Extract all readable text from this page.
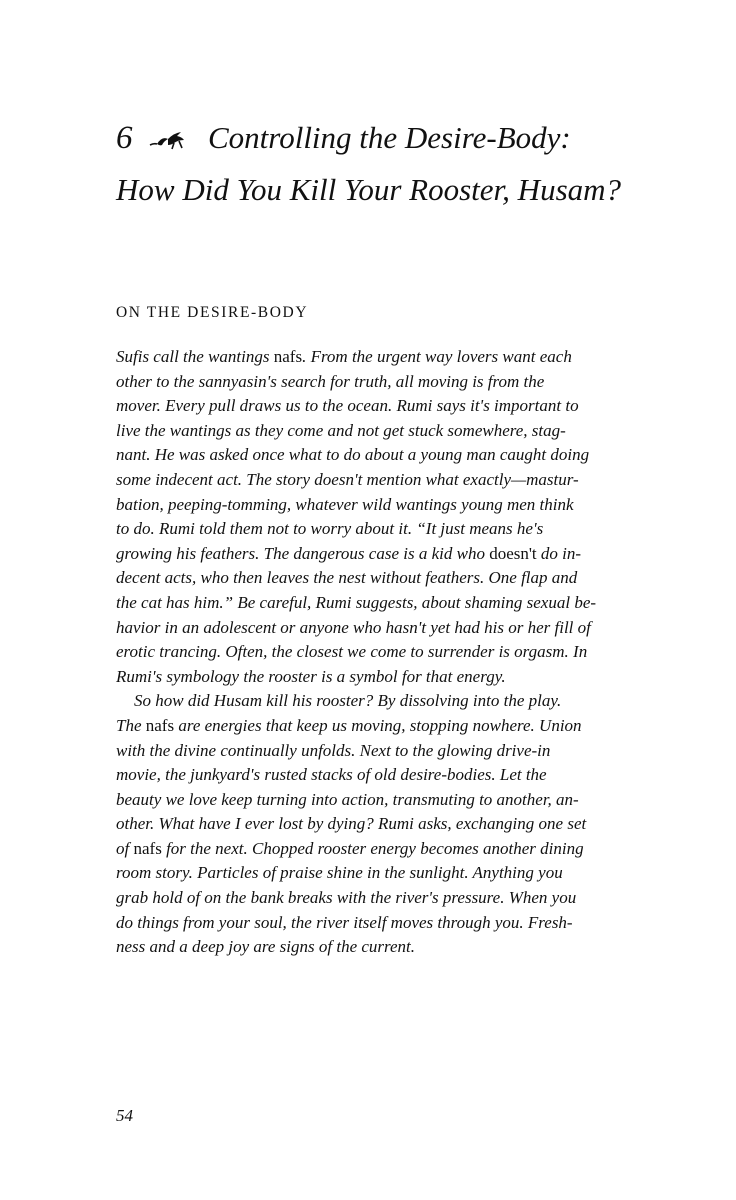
6 Controlling the Desire-Body:
How Did You Kill Your Rooster, Husam?
ON THE DESIRE-BODY
Sufis call the wantings nafs. From the urgent way lovers want each
other to the sannyasin's search for truth, all moving is from the
mover. Every pull draws us to the ocean. Rumi says it's important to
live the wantings as they come and not get stuck somewhere, stag-
nant. He was asked once what to do about a young man caught doing
some indecent act. The story doesn't mention what exactly—mastur-
bation, peeping-tomming, whatever wild wantings young men think
to do. Rumi told them not to worry about it. “It just means he's
growing his feathers. The dangerous case is a kid who doesn't do in-
decent acts, who then leaves the nest without feathers. One flap and
the cat has him.” Be careful, Rumi suggests, about shaming sexual be-
havior in an adolescent or anyone who hasn't yet had his or her fill of
erotic trancing. Often, the closest we come to surrender is orgasm. In
Rumi's symbology the rooster is a symbol for that energy.
So how did Husam kill his rooster? By dissolving into the play.
The nafs are energies that keep us moving, stopping nowhere. Union
with the divine continually unfolds. Next to the glowing drive-in
movie, the junkyard's rusted stacks of old desire-bodies. Let the
beauty we love keep turning into action, transmuting to another, an-
other. What have I ever lost by dying? Rumi asks, exchanging one set
of nafs for the next. Chopped rooster energy becomes another dining
room story. Particles of praise shine in the sunlight. Anything you
grab hold of on the bank breaks with the river's pressure. When you
do things from your soul, the river itself moves through you. Fresh-
ness and a deep joy are signs of the current.
54
